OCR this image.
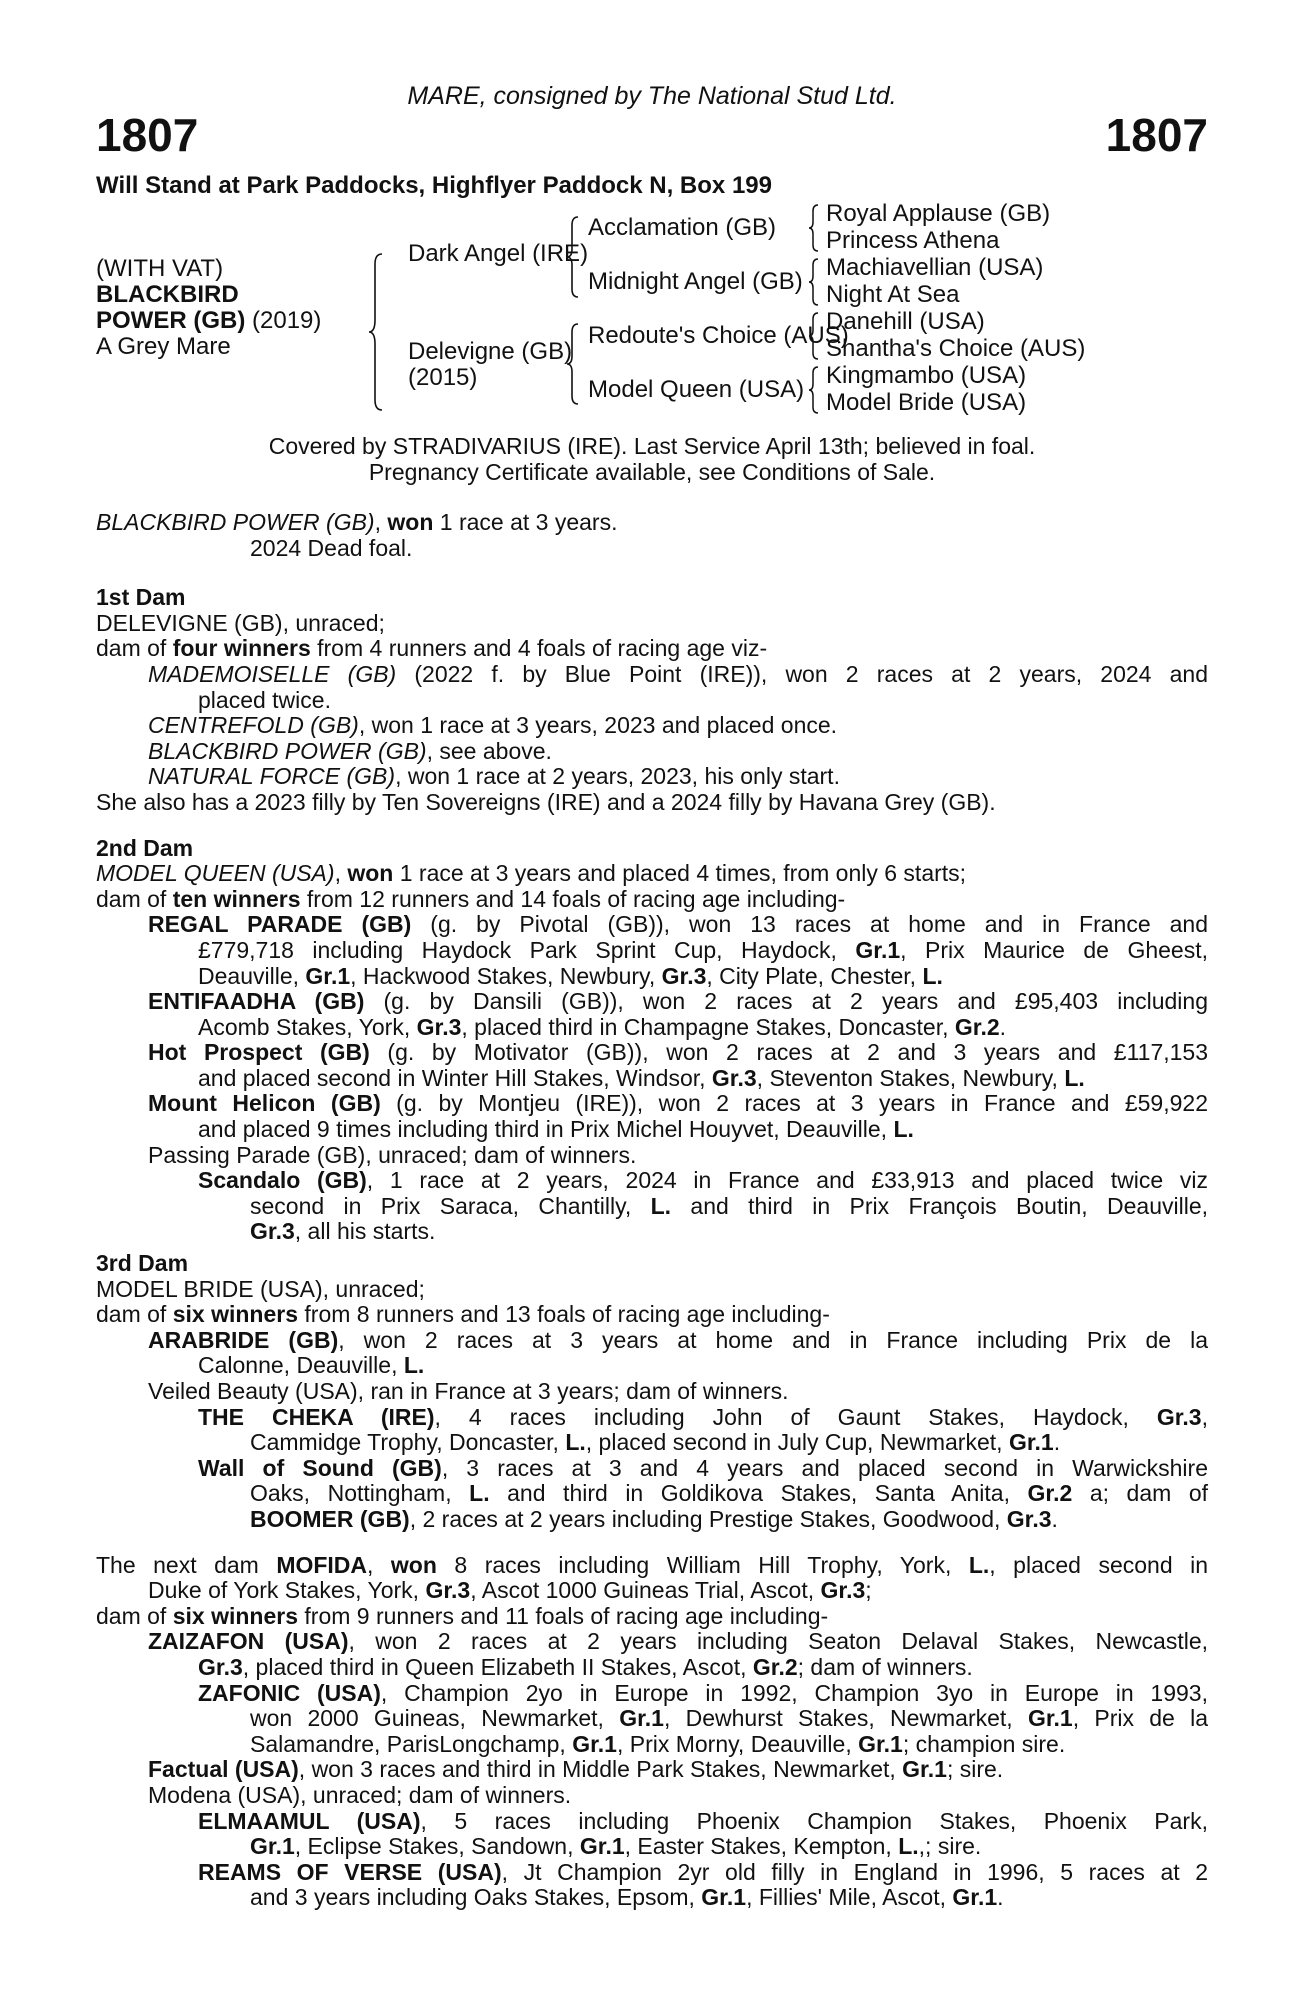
MARE, consigned by The National Stud Ltd.
1807	1807
Will Stand at Park Paddocks, Highflyer Paddock N, Box 199
(WITH VAT)
BLACKBIRD
POWER (GB) (2019)
A Grey Mare
Dark Angel (IRE)
Delevigne (GB)
(2015)
Acclamation (GB)
Midnight Angel (GB)
Redoute's Choice (AUS)
Model Queen (USA)
Royal Applause (GB)
Princess Athena
Machiavellian (USA)
Night At Sea
Danehill (USA)
Shantha's Choice (AUS)
Kingmambo (USA)
Model Bride (USA)
Covered by STRADIVARIUS (IRE). Last Service April 13th; believed in foal.
Pregnancy Certificate available, see Conditions of Sale.
BLACKBIRD POWER (GB), won 1 race at 3 years.
2024 Dead foal.
1st Dam
DELEVIGNE (GB), unraced;
dam of four winners from 4 runners and 4 foals of racing age viz-
MADEMOISELLE (GB) (2022 f. by Blue Point (IRE)), won 2 races at 2 years, 2024 and
placed twice.
CENTREFOLD (GB), won 1 race at 3 years, 2023 and placed once.
BLACKBIRD POWER (GB), see above.
NATURAL FORCE (GB), won 1 race at 2 years, 2023, his only start.
She also has a 2023 filly by Ten Sovereigns (IRE) and a 2024 filly by Havana Grey (GB).
2nd Dam
MODEL QUEEN (USA), won 1 race at 3 years and placed 4 times, from only 6 starts;
dam of ten winners from 12 runners and 14 foals of racing age including-
REGAL PARADE (GB) (g. by Pivotal (GB)), won 13 races at home and in France and
£779,718 including Haydock Park Sprint Cup, Haydock, Gr.1, Prix Maurice de Gheest,
Deauville, Gr.1, Hackwood Stakes, Newbury, Gr.3, City Plate, Chester, L.
ENTIFAADHA (GB) (g. by Dansili (GB)), won 2 races at 2 years and £95,403 including
Acomb Stakes, York, Gr.3, placed third in Champagne Stakes, Doncaster, Gr.2.
Hot Prospect (GB) (g. by Motivator (GB)), won 2 races at 2 and 3 years and £117,153
and placed second in Winter Hill Stakes, Windsor, Gr.3, Steventon Stakes, Newbury, L.
Mount Helicon (GB) (g. by Montjeu (IRE)), won 2 races at 3 years in France and £59,922
and placed 9 times including third in Prix Michel Houyvet, Deauville, L.
Passing Parade (GB), unraced; dam of winners.
Scandalo (GB), 1 race at 2 years, 2024 in France and £33,913 and placed twice viz
second in Prix Saraca, Chantilly, L. and third in Prix François Boutin, Deauville,
Gr.3, all his starts.
3rd Dam
MODEL BRIDE (USA), unraced;
dam of six winners from 8 runners and 13 foals of racing age including-
ARABRIDE (GB), won 2 races at 3 years at home and in France including Prix de la
Calonne, Deauville, L.
Veiled Beauty (USA), ran in France at 3 years; dam of winners.
THE CHEKA (IRE), 4 races including John of Gaunt Stakes, Haydock, Gr.3,
Cammidge Trophy, Doncaster, L., placed second in July Cup, Newmarket, Gr.1.
Wall of Sound (GB), 3 races at 3 and 4 years and placed second in Warwickshire
Oaks, Nottingham, L. and third in Goldikova Stakes, Santa Anita, Gr.2 a; dam of
BOOMER (GB), 2 races at 2 years including Prestige Stakes, Goodwood, Gr.3.
The next dam MOFIDA, won 8 races including William Hill Trophy, York, L., placed second in
Duke of York Stakes, York, Gr.3, Ascot 1000 Guineas Trial, Ascot, Gr.3;
dam of six winners from 9 runners and 11 foals of racing age including-
ZAIZAFON (USA), won 2 races at 2 years including Seaton Delaval Stakes, Newcastle,
Gr.3, placed third in Queen Elizabeth II Stakes, Ascot, Gr.2; dam of winners.
ZAFONIC (USA), Champion 2yo in Europe in 1992, Champion 3yo in Europe in 1993,
won 2000 Guineas, Newmarket, Gr.1, Dewhurst Stakes, Newmarket, Gr.1, Prix de la
Salamandre, ParisLongchamp, Gr.1, Prix Morny, Deauville, Gr.1; champion sire.
Factual (USA), won 3 races and third in Middle Park Stakes, Newmarket, Gr.1; sire.
Modena (USA), unraced; dam of winners.
ELMAAMUL (USA), 5 races including Phoenix Champion Stakes, Phoenix Park,
Gr.1, Eclipse Stakes, Sandown, Gr.1, Easter Stakes, Kempton, L.,; sire.
REAMS OF VERSE (USA), Jt Champion 2yr old filly in England in 1996, 5 races at 2
and 3 years including Oaks Stakes, Epsom, Gr.1, Fillies' Mile, Ascot, Gr.1.
